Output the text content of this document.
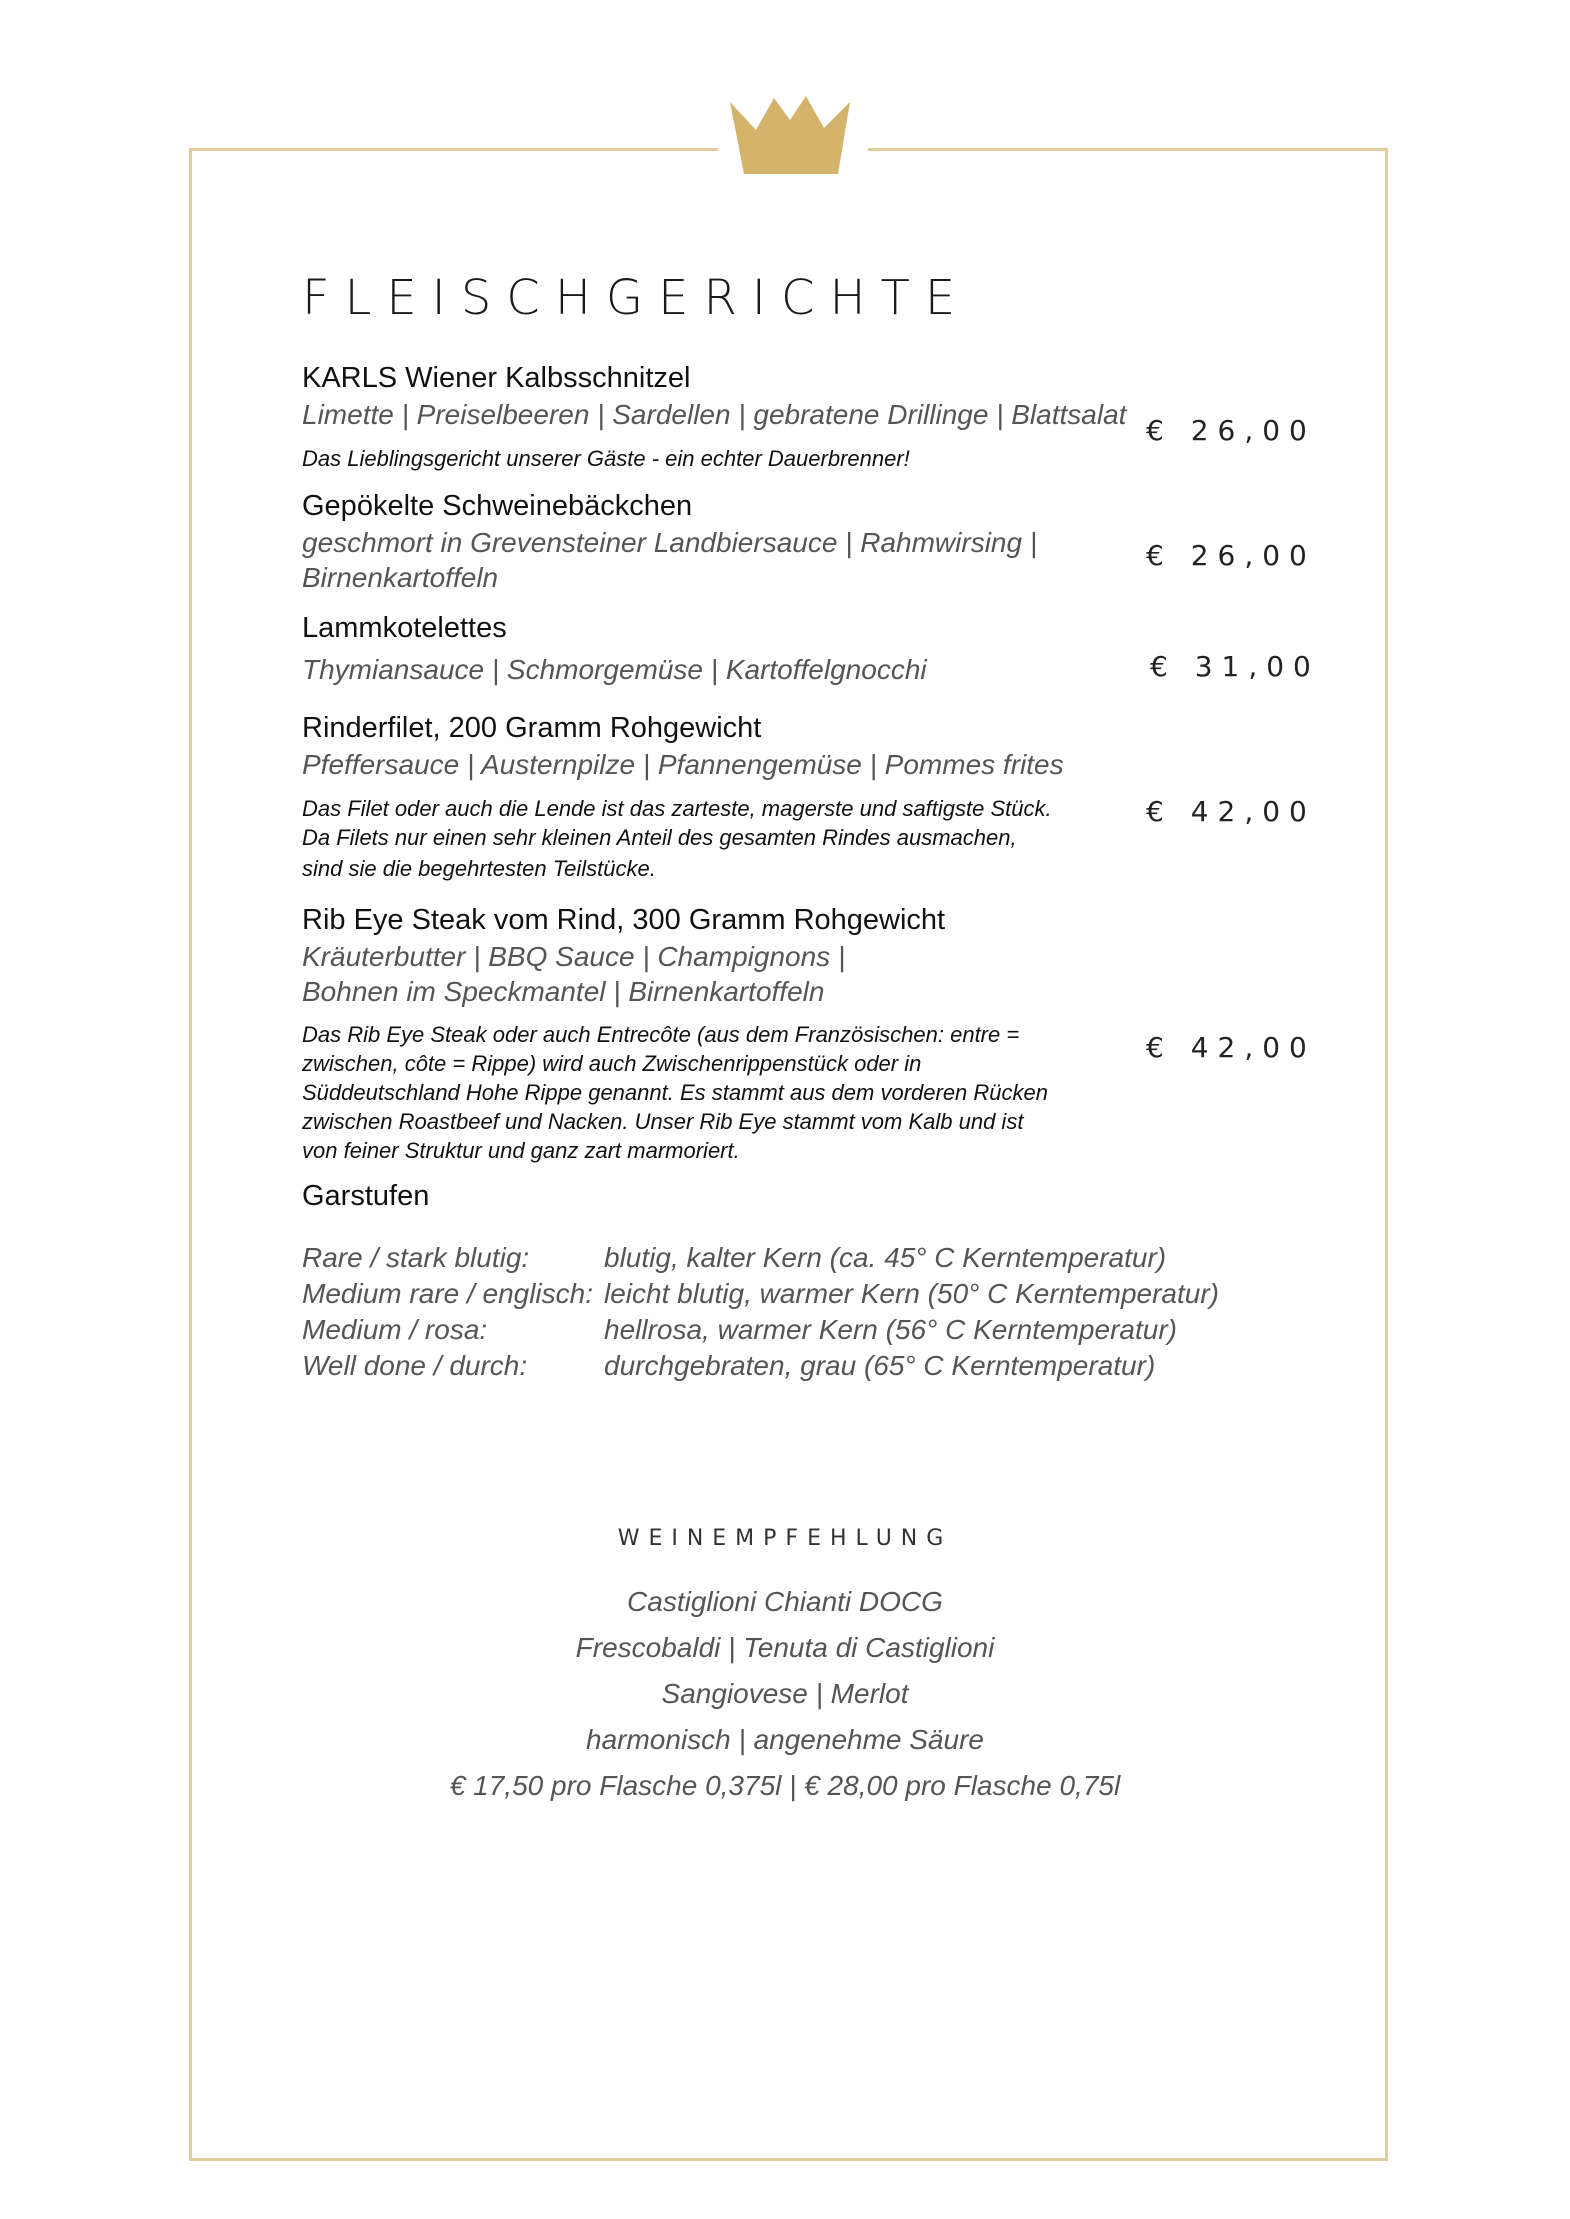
FLEISCHGERICHTE
KARLS Wiener Kalbsschnitzel
Limette | Preiselbeeren | Sardellen | gebratene Drillinge | Blattsalat
Das Lieblingsgericht unserer Gäste - ein echter Dauerbrenner!
€ 26,00
Gepökelte Schweinebäckchen
geschmort in Grevensteiner Landbiersauce | Rahmwirsing |
Birnenkartoffeln
€ 26,00
Lammkotelettes
Thymiansauce | Schmorgemüse | Kartoffelgnocchi	€ 31,00
Rinderfilet, 200 Gramm Rohgewicht
Pfeffersauce | Austernpilze | Pfannengemüse | Pommes frites
Das Filet oder auch die Lende ist das zarteste, magerste und saftigste Stück.
Da Filets nur einen sehr kleinen Anteil des gesamten Rindes ausmachen,
sind sie die begehrtesten Teilstücke.
€ 42,00
Rib Eye Steak vom Rind, 300 Gramm Rohgewicht
Kräuterbutter | BBQ Sauce | Champignons |
Bohnen im Speckmantel | Birnenkartoffeln
Das Rib Eye Steak oder auch Entrecôte (aus dem Französischen: entre =
zwischen, côte = Rippe) wird auch Zwischenrippenstück oder in
Süddeutschland Hohe Rippe genannt. Es stammt aus dem vorderen Rücken
zwischen Roastbeef und Nacken. Unser Rib Eye stammt vom Kalb und ist
von feiner Struktur und ganz zart marmoriert.
€ 42,00
Garstufen
Rare / stark blutig:	blutig, kalter Kern (ca. 45° C Kerntemperatur)
Medium rare / englisch: leicht blutig, warmer Kern (50° C Kerntemperatur)
Medium / rosa:	hellrosa, warmer Kern (56° C Kerntemperatur)
Well done / durch:	durchgebraten, grau (65° C Kerntemperatur)
WEINEMPFEHLUNG
Castiglioni Chianti DOCG
Frescobaldi | Tenuta di Castiglioni
Sangiovese | Merlot
harmonisch | angenehme Säure
€ 17,50 pro Flasche 0,375l | € 28,00 pro Flasche 0,75l
